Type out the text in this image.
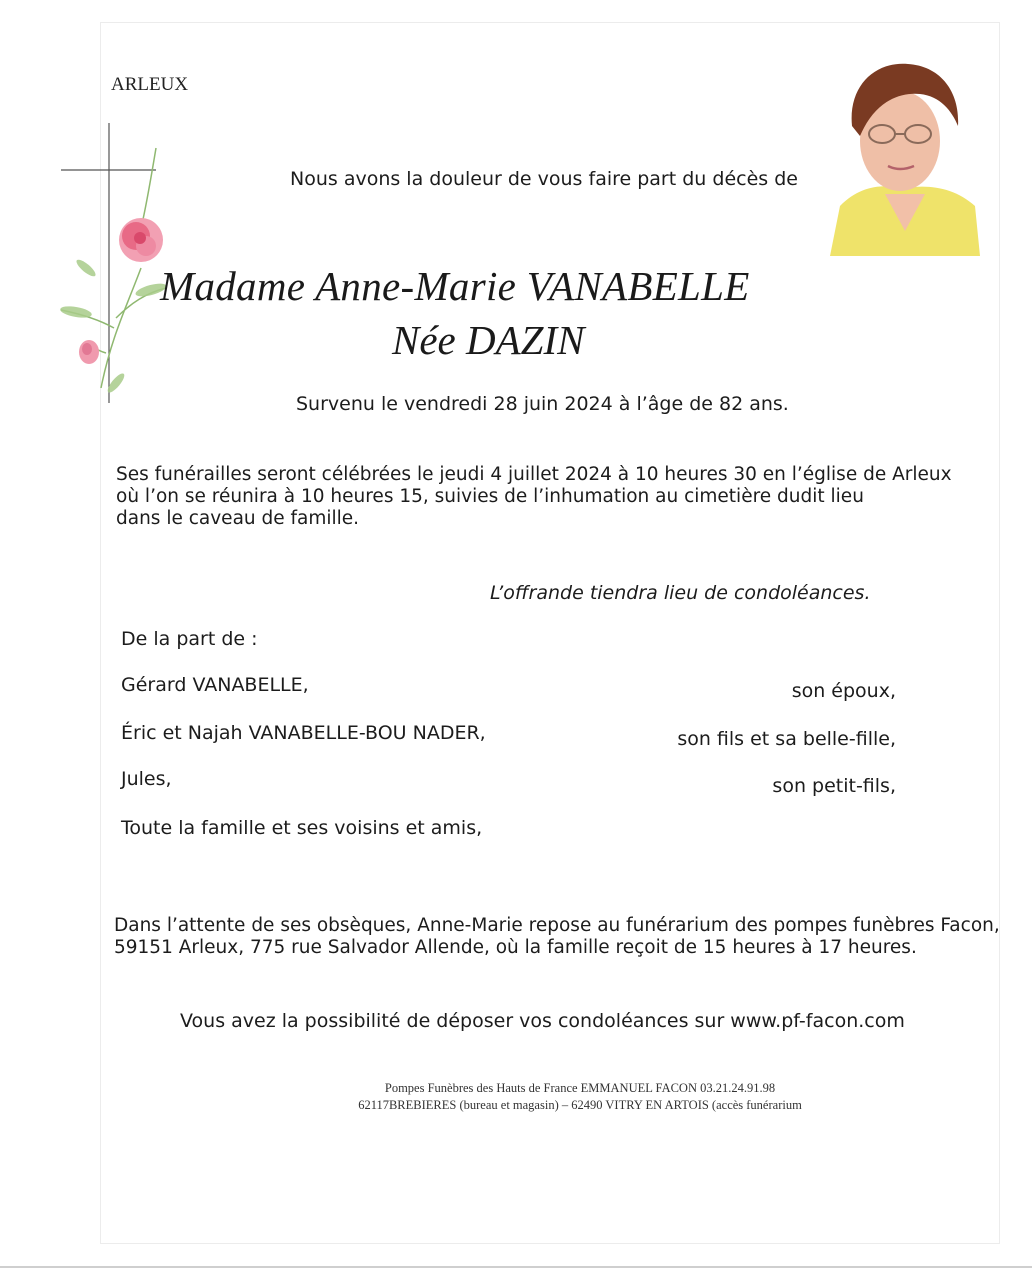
ARLEUX
Nous avons la douleur de vous faire part du décès de
Madame Anne-Marie VANABELLE
Née DAZIN
Survenu le vendredi 28 juin 2024 à l’âge de 82 ans.
Ses funérailles seront célébrées le jeudi 4 juillet 2024 à 10 heures 30 en l’église de Arleux
où l’on se réunira à 10 heures 15, suivies de l’inhumation au cimetière dudit lieu
dans le caveau de famille.
L’offrande tiendra lieu de condoléances.
De la part de :
Gérard VANABELLE,	son époux,
Éric et Najah VANABELLE-BOU NADER,	son fils et sa belle-fille,
Jules,	son petit-fils,
Toute la famille et ses voisins et amis,
Dans l’attente de ses obsèques, Anne-Marie repose au funérarium des pompes funèbres Facon,
59151 Arleux, 775 rue Salvador Allende, où la famille reçoit de 15 heures à 17 heures.
Vous avez la possibilité de déposer vos condoléances sur www.pf-facon.com
Pompes Funèbres des Hauts de France EMMANUEL FACON 03.21.24.91.98
62117BREBIERES (bureau et magasin) – 62490 VITRY EN ARTOIS (accès funérarium
